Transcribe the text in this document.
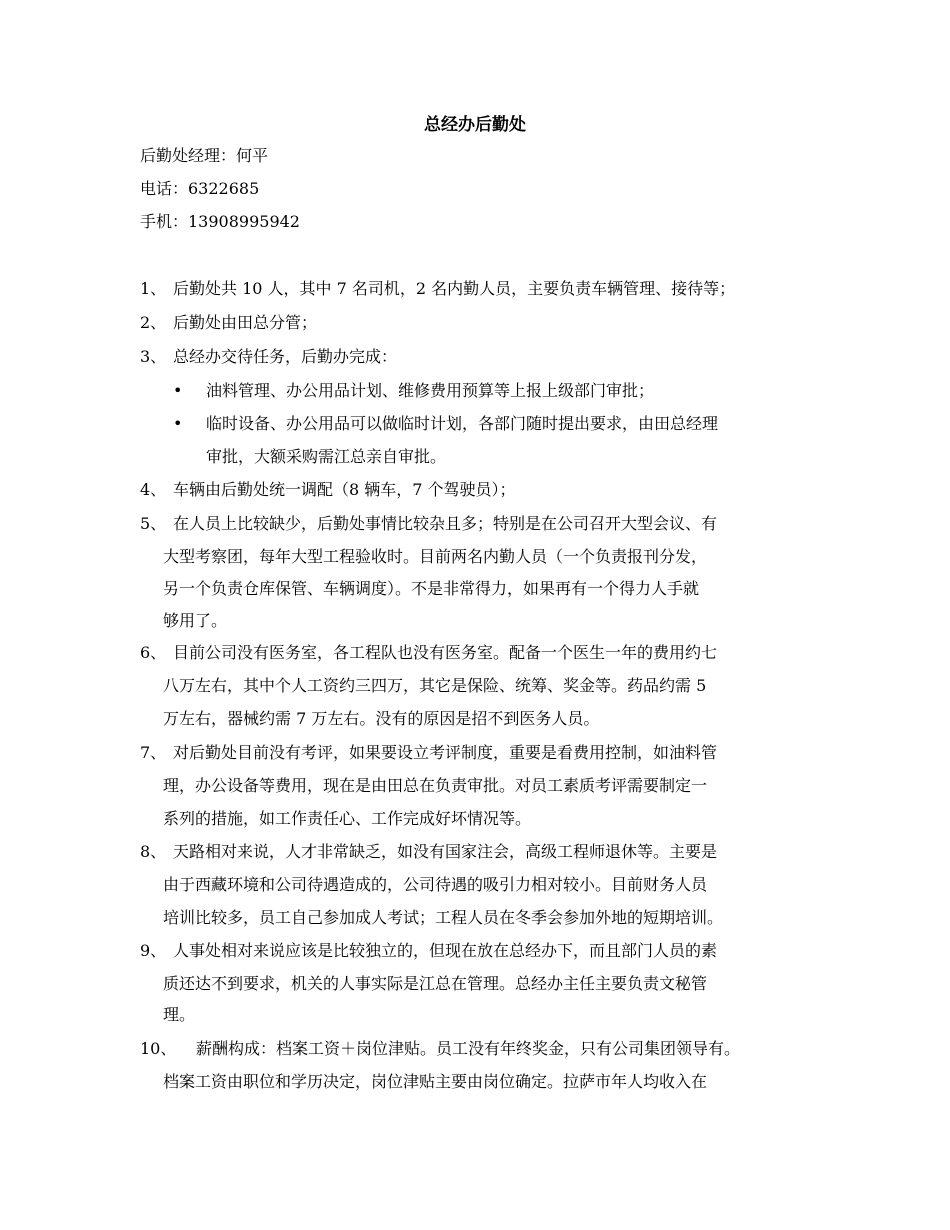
总经办后勤处
后勤处经理：何平
电话：6322685
手机：13908995942
1、 后勤处共 10 人，其中 7 名司机，2 名内勤人员，主要负责车辆管理、接待等；
2、 后勤处由田总分管；
3、 总经办交待任务，后勤办完成：
• 油料管理、办公用品计划、维修费用预算等上报上级部门审批；
• 临时设备、办公用品可以做临时计划，各部门随时提出要求，由田总经理
审批，大额采购需江总亲自审批。
4、 车辆由后勤处统一调配（8 辆车，7 个驾驶员）；
5、 在人员上比较缺少，后勤处事情比较杂且多；特别是在公司召开大型会议、有
大型考察团，每年大型工程验收时。目前两名内勤人员（一个负责报刊分发，
另一个负责仓库保管、车辆调度）。不是非常得力，如果再有一个得力人手就
够用了。
6、 目前公司没有医务室，各工程队也没有医务室。配备一个医生一年的费用约七
八万左右，其中个人工资约三四万，其它是保险、统筹、奖金等。药品约需 5
万左右，器械约需 7 万左右。没有的原因是招不到医务人员。
7、 对后勤处目前没有考评，如果要设立考评制度，重要是看费用控制，如油料管
理，办公设备等费用，现在是由田总在负责审批。对员工素质考评需要制定一
系列的措施，如工作责任心、工作完成好坏情况等。
8、 天路相对来说，人才非常缺乏，如没有国家注会，高级工程师退休等。主要是
由于西藏环境和公司待遇造成的，公司待遇的吸引力相对较小。目前财务人员
培训比较多，员工自己参加成人考试；工程人员在冬季会参加外地的短期培训。
9、 人事处相对来说应该是比较独立的，但现在放在总经办下，而且部门人员的素
质还达不到要求，机关的人事实际是江总在管理。总经办主任主要负责文秘管
理。
10、 薪酬构成：档案工资＋岗位津贴。员工没有年终奖金，只有公司集团领导有。
档案工资由职位和学历决定，岗位津贴主要由岗位确定。拉萨市年人均收入在
